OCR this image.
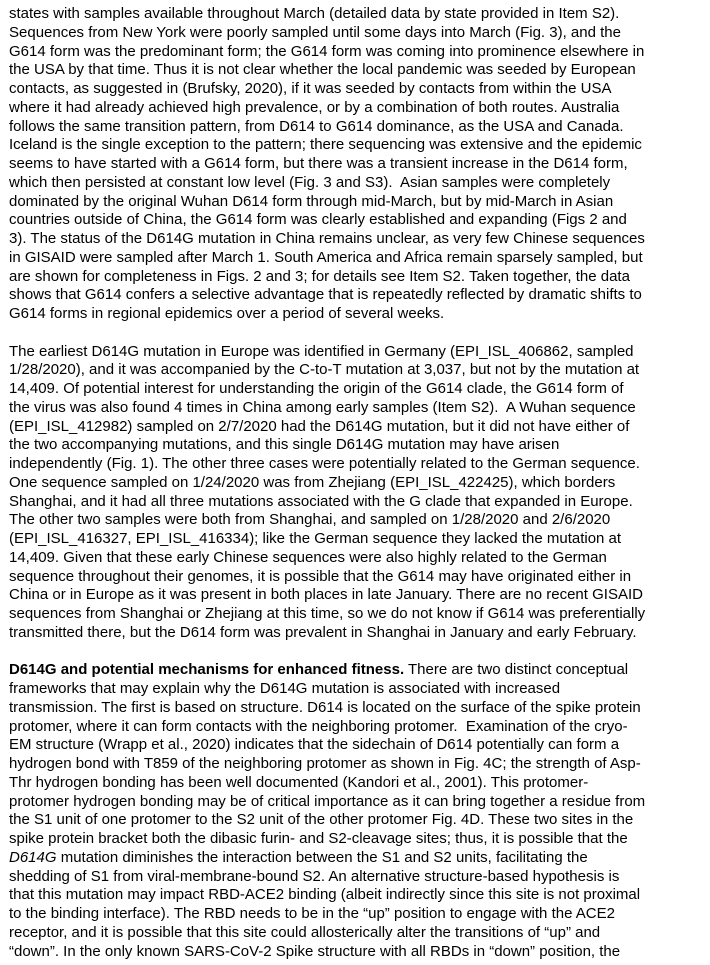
states with samples available throughout March (detailed data by state provided in Item S2).
Sequences from New York were poorly sampled until some days into March (Fig. 3), and the
G614 form was the predominant form; the G614 form was coming into prominence elsewhere in
the USA by that time. Thus it is not clear whether the local pandemic was seeded by European
contacts, as suggested in (Brufsky, 2020), if it was seeded by contacts from within the USA
where it had already achieved high prevalence, or by a combination of both routes. Australia
follows the same transition pattern, from D614 to G614 dominance, as the USA and Canada.
Iceland is the single exception to the pattern; there sequencing was extensive and the epidemic
seems to have started with a G614 form, but there was a transient increase in the D614 form,
which then persisted at constant low level (Fig. 3 and S3).  Asian samples were completely
dominated by the original Wuhan D614 form through mid-March, but by mid-March in Asian
countries outside of China, the G614 form was clearly established and expanding (Figs 2 and
3). The status of the D614G mutation in China remains unclear, as very few Chinese sequences
in GISAID were sampled after March 1. South America and Africa remain sparsely sampled, but
are shown for completeness in Figs. 2 and 3; for details see Item S2. Taken together, the data
shows that G614 confers a selective advantage that is repeatedly reflected by dramatic shifts to
G614 forms in regional epidemics over a period of several weeks.
The earliest D614G mutation in Europe was identified in Germany (EPI_ISL_406862, sampled
1/28/2020), and it was accompanied by the C-to-T mutation at 3,037, but not by the mutation at
14,409. Of potential interest for understanding the origin of the G614 clade, the G614 form of
the virus was also found 4 times in China among early samples (Item S2).  A Wuhan sequence
(EPI_ISL_412982) sampled on 2/7/2020 had the D614G mutation, but it did not have either of
the two accompanying mutations, and this single D614G mutation may have arisen
independently (Fig. 1). The other three cases were potentially related to the German sequence.
One sequence sampled on 1/24/2020 was from Zhejiang (EPI_ISL_422425), which borders
Shanghai, and it had all three mutations associated with the G clade that expanded in Europe.
The other two samples were both from Shanghai, and sampled on 1/28/2020 and 2/6/2020
(EPI_ISL_416327, EPI_ISL_416334); like the German sequence they lacked the mutation at
14,409. Given that these early Chinese sequences were also highly related to the German
sequence throughout their genomes, it is possible that the G614 may have originated either in
China or in Europe as it was present in both places in late January. There are no recent GISAID
sequences from Shanghai or Zhejiang at this time, so we do not know if G614 was preferentially
transmitted there, but the D614 form was prevalent in Shanghai in January and early February.
D614G and potential mechanisms for enhanced fitness. There are two distinct conceptual
frameworks that may explain why the D614G mutation is associated with increased
transmission. The first is based on structure. D614 is located on the surface of the spike protein
protomer, where it can form contacts with the neighboring protomer.  Examination of the cryo-
EM structure (Wrapp et al., 2020) indicates that the sidechain of D614 potentially can form a
hydrogen bond with T859 of the neighboring protomer as shown in Fig. 4C; the strength of Asp-
Thr hydrogen bonding has been well documented (Kandori et al., 2001). This protomer-
protomer hydrogen bonding may be of critical importance as it can bring together a residue from
the S1 unit of one protomer to the S2 unit of the other protomer Fig. 4D. These two sites in the
spike protein bracket both the dibasic furin- and S2-cleavage sites; thus, it is possible that the
D614G mutation diminishes the interaction between the S1 and S2 units, facilitating the
shedding of S1 from viral-membrane-bound S2. An alternative structure-based hypothesis is
that this mutation may impact RBD-ACE2 binding (albeit indirectly since this site is not proximal
to the binding interface). The RBD needs to be in the “up” position to engage with the ACE2
receptor, and it is possible that this site could allosterically alter the transitions of “up” and
“down”. In the only known SARS-CoV-2 Spike structure with all RBDs in “down” position, the
